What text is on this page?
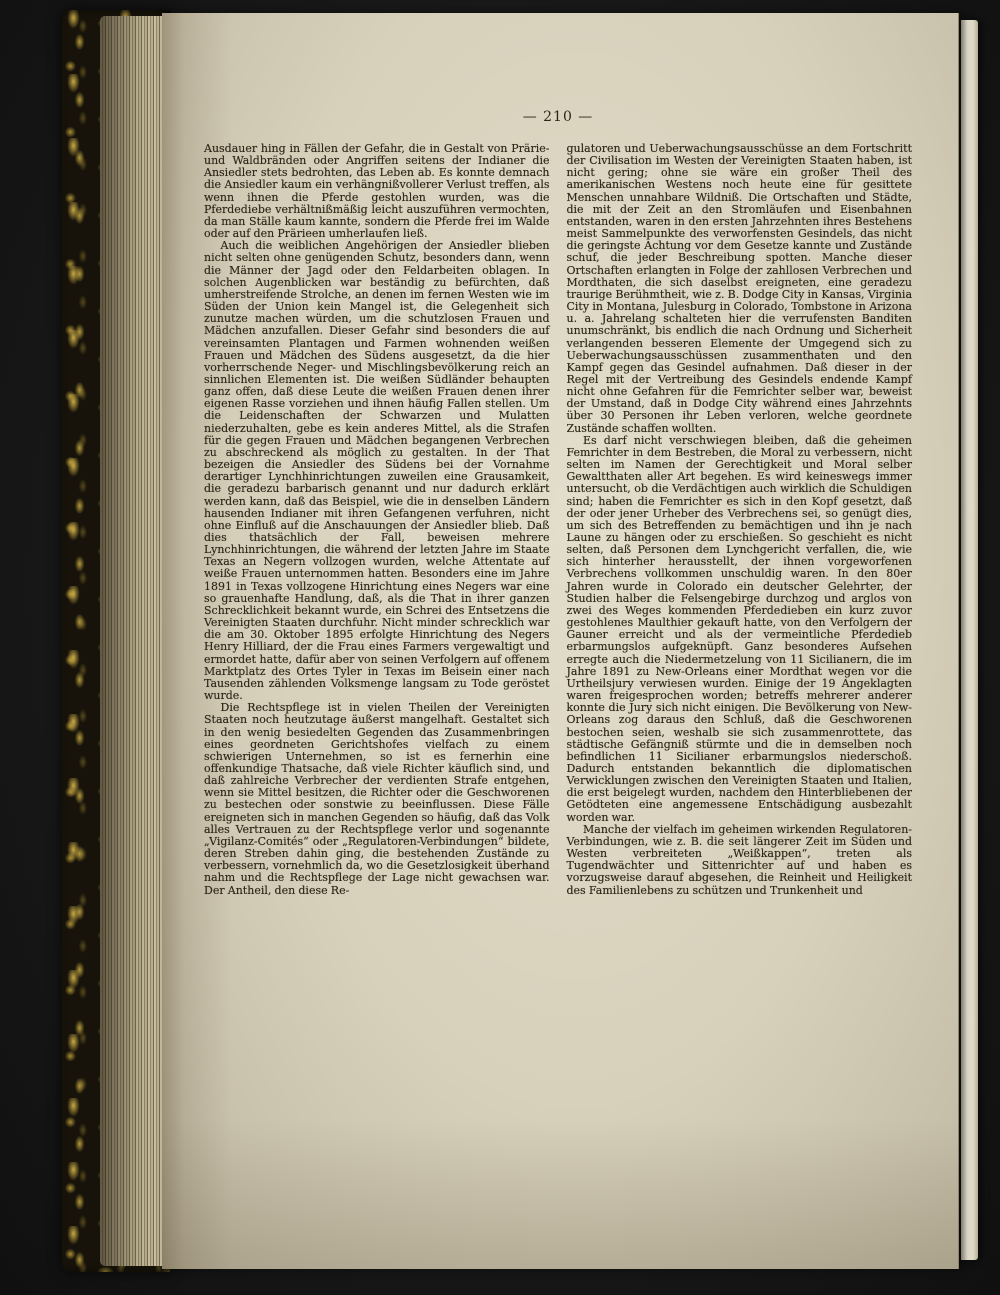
— 210 —

Ausdauer hing in Fällen der Gefahr, die in Gestalt von Prärie- und Waldbränden oder Angriffen seitens der Indianer die Ansiedler stets bedrohten, das Leben ab. Es konnte demnach die Ansiedler kaum ein verhängnißvollerer Verlust treffen, als wenn ihnen die Pferde gestohlen wurden, was die Pferdediebe verhältnißmäßig leicht auszuführen vermochten, da man Ställe kaum kannte, sondern die Pferde frei im Walde oder auf den Prärieen umherlaufen ließ.

Auch die weiblichen Angehörigen der Ansiedler blieben nicht selten ohne genügenden Schutz, besonders dann, wenn die Männer der Jagd oder den Feldarbeiten oblagen. In solchen Augenblicken war beständig zu befürchten, daß umherstreifende Strolche, an denen im fernen Westen wie im Süden der Union kein Mangel ist, die Gelegenheit sich zunutze machen würden, um die schutzlosen Frauen und Mädchen anzufallen. Dieser Gefahr sind besonders die auf vereinsamten Plantagen und Farmen wohnenden weißen Frauen und Mädchen des Südens ausgesetzt, da die hier vorherrschende Neger- und Mischlingsbevölkerung reich an sinnlichen Elementen ist. Die weißen Südländer behaupten ganz offen, daß diese Leute die weißen Frauen denen ihrer eigenen Rasse vorziehen und ihnen häufig Fallen stellen. Um die Leidenschaften der Schwarzen und Mulatten niederzuhalten, gebe es kein anderes Mittel, als die Strafen für die gegen Frauen und Mädchen begangenen Verbrechen zu abschreckend als möglich zu gestalten. In der That bezeigen die Ansiedler des Südens bei der Vornahme derartiger Lynchhinrichtungen zuweilen eine Grausamkeit, die geradezu barbarisch genannt und nur dadurch erklärt werden kann, daß das Beispiel, wie die in denselben Ländern hausenden Indianer mit ihren Gefangenen verfuhren, nicht ohne Einfluß auf die Anschauungen der Ansiedler blieb. Daß dies thatsächlich der Fall, beweisen mehrere Lynchhinrichtungen, die während der letzten Jahre im Staate Texas an Negern vollzogen wurden, welche Attentate auf weiße Frauen unternommen hatten. Besonders eine im Jahre 1891 in Texas vollzogene Hinrichtung eines Negers war eine so grauenhafte Handlung, daß, als die That in ihrer ganzen Schrecklichkeit bekannt wurde, ein Schrei des Entsetzens die Vereinigten Staaten durchfuhr. Nicht minder schrecklich war die am 30. Oktober 1895 erfolgte Hinrichtung des Negers Henry Hilliard, der die Frau eines Farmers vergewaltigt und ermordet hatte, dafür aber von seinen Verfolgern auf offenem Marktplatz des Ortes Tyler in Texas im Beisein einer nach Tausenden zählenden Volksmenge langsam zu Tode geröstet wurde.

Die Rechtspflege ist in vielen Theilen der Vereinigten Staaten noch heutzutage äußerst mangelhaft. Gestaltet sich in den wenig besiedelten Gegenden das Zusammenbringen eines geordneten Gerichtshofes vielfach zu einem schwierigen Unternehmen, so ist es fernerhin eine offenkundige Thatsache, daß viele Richter käuflich sind, und daß zahlreiche Verbrecher der verdienten Strafe entgehen, wenn sie Mittel besitzen, die Richter oder die Geschworenen zu bestechen oder sonstwie zu beeinflussen. Diese Fälle ereigneten sich in manchen Gegenden so häufig, daß das Volk alles Vertrauen zu der Rechtspflege verlor und sogenannte „Vigilanz-Comités“ oder „Regulatoren-Verbindungen“ bildete, deren Streben dahin ging, die bestehenden Zustände zu verbessern, vornehmlich da, wo die Gesetzlosigkeit überhand nahm und die Rechtspflege der Lage nicht gewachsen war. Der Antheil, den diese Re-

gulatoren und Ueberwachungsausschüsse an dem Fortschritt der Civilisation im Westen der Vereinigten Staaten haben, ist nicht gering; ohne sie wäre ein großer Theil des amerikanischen Westens noch heute eine für gesittete Menschen unnahbare Wildniß. Die Ortschaften und Städte, die mit der Zeit an den Stromläufen und Eisenbahnen entstanden, waren in den ersten Jahrzehnten ihres Bestehens meist Sammelpunkte des verworfensten Gesindels, das nicht die geringste Achtung vor dem Gesetze kannte und Zustände schuf, die jeder Beschreibung spotten. Manche dieser Ortschaften erlangten in Folge der zahllosen Verbrechen und Mordthaten, die sich daselbst ereigneten, eine geradezu traurige Berühmtheit, wie z. B. Dodge City in Kansas, Virginia City in Montana, Julesburg in Colorado, Tombstone in Arizona u. a. Jahrelang schalteten hier die verrufensten Banditen unumschränkt, bis endlich die nach Ordnung und Sicherheit verlangenden besseren Elemente der Umgegend sich zu Ueberwachungsausschüssen zusammenthaten und den Kampf gegen das Gesindel aufnahmen. Daß dieser in der Regel mit der Vertreibung des Gesindels endende Kampf nicht ohne Gefahren für die Femrichter selber war, beweist der Umstand, daß in Dodge City während eines Jahrzehnts über 30 Personen ihr Leben verloren, welche geordnete Zustände schaffen wollten.

Es darf nicht verschwiegen bleiben, daß die geheimen Femrichter in dem Bestreben, die Moral zu verbessern, nicht selten im Namen der Gerechtigkeit und Moral selber Gewaltthaten aller Art begehen. Es wird keineswegs immer untersucht, ob die Verdächtigen auch wirklich die Schuldigen sind; haben die Femrichter es sich in den Kopf gesetzt, daß der oder jener Urheber des Verbrechens sei, so genügt dies, um sich des Betreffenden zu bemächtigen und ihn je nach Laune zu hängen oder zu erschießen. So geschieht es nicht selten, daß Personen dem Lynchgericht verfallen, die, wie sich hinterher herausstellt, der ihnen vorgeworfenen Verbrechens vollkommen unschuldig waren. In den 80er Jahren wurde in Colorado ein deutscher Gelehrter, der Studien halber die Felsengebirge durchzog und arglos von zwei des Weges kommenden Pferdedieben ein kurz zuvor gestohlenes Maulthier gekauft hatte, von den Verfolgern der Gauner erreicht und als der vermeintliche Pferdedieb erbarmungslos aufgeknüpft. Ganz besonderes Aufsehen erregte auch die Niedermetzelung von 11 Sicilianern, die im Jahre 1891 zu New-Orleans einer Mordthat wegen vor die Urtheilsjury verwiesen wurden. Einige der 19 Angeklagten waren freigesprochen worden; betreffs mehrerer anderer konnte die Jury sich nicht einigen. Die Bevölkerung von New-Orleans zog daraus den Schluß, daß die Geschworenen bestochen seien, weshalb sie sich zusammenrottete, das städtische Gefängniß stürmte und die in demselben noch befindlichen 11 Sicilianer erbarmungslos niederschoß. Dadurch entstanden bekanntlich die diplomatischen Verwicklungen zwischen den Vereinigten Staaten und Italien, die erst beigelegt wurden, nachdem den Hinterbliebenen der Getödteten eine angemessene Entschädigung ausbezahlt worden war.

Manche der vielfach im geheimen wirkenden Regulatoren-Verbindungen, wie z. B. die seit längerer Zeit im Süden und Westen verbreiteten „Weißkappen“, treten als Tugendwächter und Sittenrichter auf und haben es vorzugsweise darauf abgesehen, die Reinheit und Heiligkeit des Familienlebens zu schützen und Trunkenheit und
